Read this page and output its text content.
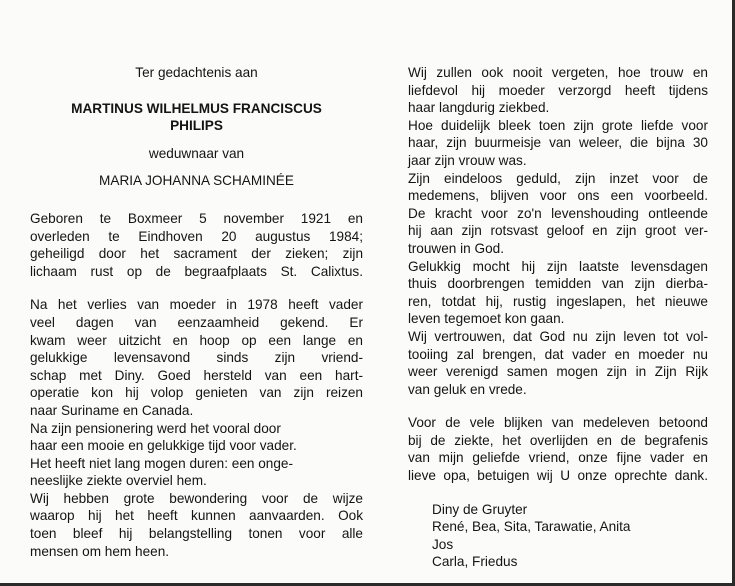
Ter gedachtenis aan
MARTINUS WILHELMUS FRANCISCUS
PHILIPS
weduwnaar van
MARIA JOHANNA SCHAMINÉE
Geboren te Boxmeer 5 november 1921 en
overleden te Eindhoven 20 augustus 1984;
geheiligd door het sacrament der zieken; zijn
lichaam rust op de begraafplaats St. Calixtus.
Na het verlies van moeder in 1978 heeft vader
veel dagen van eenzaamheid gekend. Er
kwam weer uitzicht en hoop op een lange en
gelukkige levensavond sinds zijn vriend-
schap met Diny. Goed hersteld van een hart-
operatie kon hij volop genieten van zijn reizen
naar Suriname en Canada.
Na zijn pensionering werd het vooral door
haar een mooie en gelukkige tijd voor vader.
Het heeft niet lang mogen duren: een onge-
neeslijke ziekte overviel hem.
Wij hebben grote bewondering voor de wijze
waarop hij het heeft kunnen aanvaarden. Ook
toen bleef hij belangstelling tonen voor alle
mensen om hem heen.
Wij zullen ook nooit vergeten, hoe trouw en
liefdevol hij moeder verzorgd heeft tijdens
haar langdurig ziekbed.
Hoe duidelijk bleek toen zijn grote liefde voor
haar, zijn buurmeisje van weleer, die bijna 30
jaar zijn vrouw was.
Zijn eindeloos geduld, zijn inzet voor de
medemens, blijven voor ons een voorbeeld.
De kracht voor zo'n levenshouding ontleende
hij aan zijn rotsvast geloof en zijn groot ver-
trouwen in God.
Gelukkig mocht hij zijn laatste levensdagen
thuis doorbrengen temidden van zijn dierba-
ren, totdat hij, rustig ingeslapen, het nieuwe
leven tegemoet kon gaan.
Wij vertrouwen, dat God nu zijn leven tot vol-
tooiing zal brengen, dat vader en moeder nu
weer verenigd samen mogen zijn in Zijn Rijk
van geluk en vrede.
Voor de vele blijken van medeleven betoond
bij de ziekte, het overlijden en de begrafenis
van mijn geliefde vriend, onze fijne vader en
lieve opa, betuigen wij U onze oprechte dank.
Diny de Gruyter
René, Bea, Sita, Tarawatie, Anita
Jos
Carla, Friedus
